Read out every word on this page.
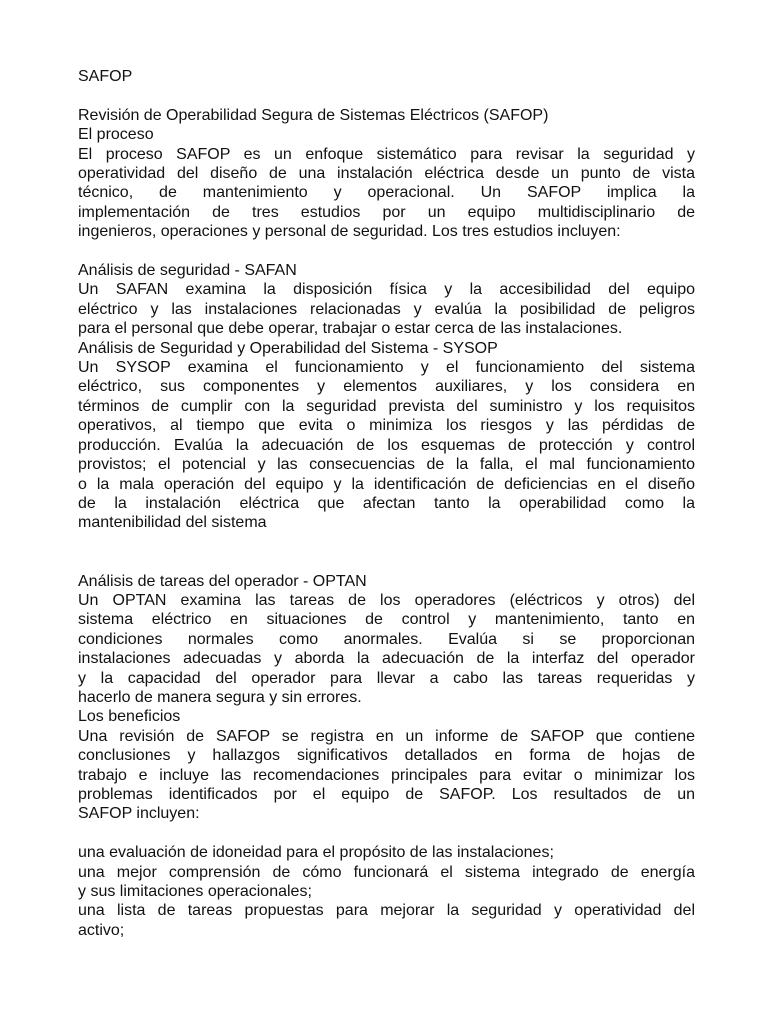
SAFOP

Revisión de Operabilidad Segura de Sistemas Eléctricos (SAFOP)

El proceso

El proceso SAFOP es un enfoque sistemático para revisar la seguridad y

operatividad del diseño de una instalación eléctrica desde un punto de vista

técnico, de mantenimiento y operacional. Un SAFOP implica la

implementación de tres estudios por un equipo multidisciplinario de

ingenieros, operaciones y personal de seguridad. Los tres estudios incluyen:

Análisis de seguridad - SAFAN

Un SAFAN examina la disposición física y la accesibilidad del equipo

eléctrico y las instalaciones relacionadas y evalúa la posibilidad de peligros

para el personal que debe operar, trabajar o estar cerca de las instalaciones.

Análisis de Seguridad y Operabilidad del Sistema - SYSOP

Un SYSOP examina el funcionamiento y el funcionamiento del sistema

eléctrico, sus componentes y elementos auxiliares, y los considera en

términos de cumplir con la seguridad prevista del suministro y los requisitos

operativos, al tiempo que evita o minimiza los riesgos y las pérdidas de

producción. Evalúa la adecuación de los esquemas de protección y control

provistos; el potencial y las consecuencias de la falla, el mal funcionamiento

o la mala operación del equipo y la identificación de deficiencias en el diseño

de la instalación eléctrica que afectan tanto la operabilidad como la

mantenibilidad del sistema

Análisis de tareas del operador - OPTAN

Un OPTAN examina las tareas de los operadores (eléctricos y otros) del

sistema eléctrico en situaciones de control y mantenimiento, tanto en

condiciones normales como anormales. Evalúa si se proporcionan

instalaciones adecuadas y aborda la adecuación de la interfaz del operador

y la capacidad del operador para llevar a cabo las tareas requeridas y

hacerlo de manera segura y sin errores.

Los beneficios

Una revisión de SAFOP se registra en un informe de SAFOP que contiene

conclusiones y hallazgos significativos detallados en forma de hojas de

trabajo e incluye las recomendaciones principales para evitar o minimizar los

problemas identificados por el equipo de SAFOP. Los resultados de un

SAFOP incluyen:

una evaluación de idoneidad para el propósito de las instalaciones;

una mejor comprensión de cómo funcionará el sistema integrado de energía

y sus limitaciones operacionales;

una lista de tareas propuestas para mejorar la seguridad y operatividad del

activo;
